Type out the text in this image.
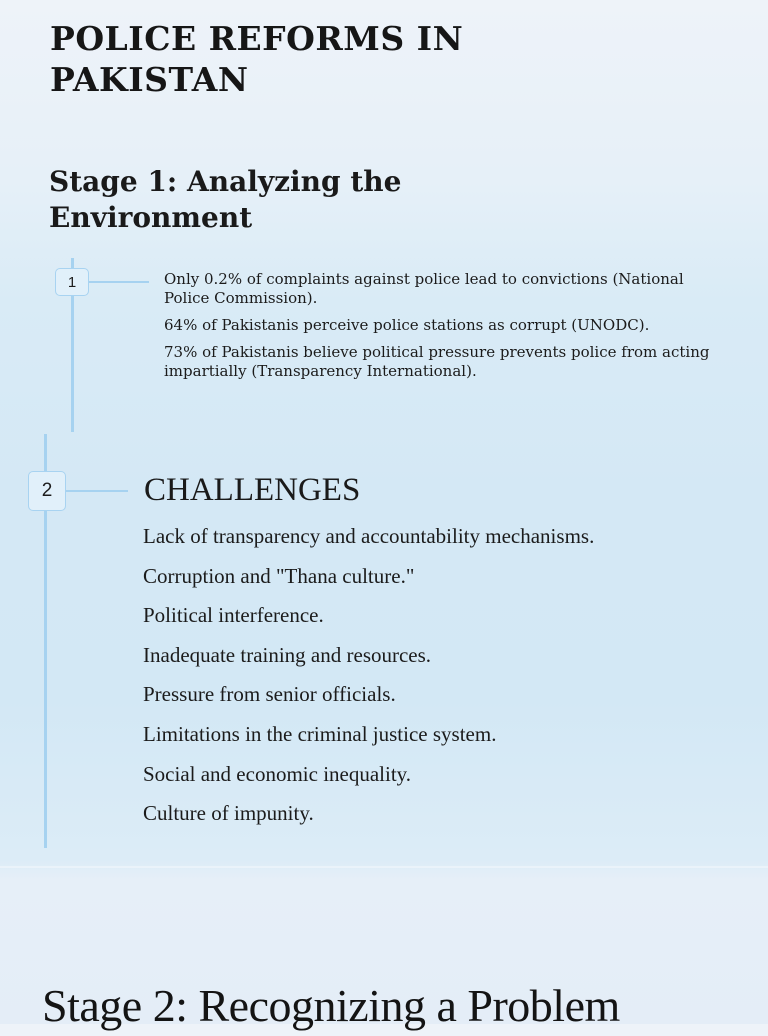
POLICE REFORMS IN PAKISTAN
Stage 1: Analyzing the Environment
1	Only 0.2% of complaints against police lead to convictions (National Police Commission).

64% of Pakistanis perceive police stations as corrupt (UNODC).

73% of Pakistanis believe political pressure prevents police from acting impartially (Transparency International).

2	CHALLENGES
Lack of transparency and accountability mechanisms.
Corruption and "Thana culture."
Political interference.
Inadequate training and resources.
Pressure from senior officials.
Limitations in the criminal justice system.
Social and economic inequality.
Culture of impunity.
Stage 2: Recognizing a Problem
